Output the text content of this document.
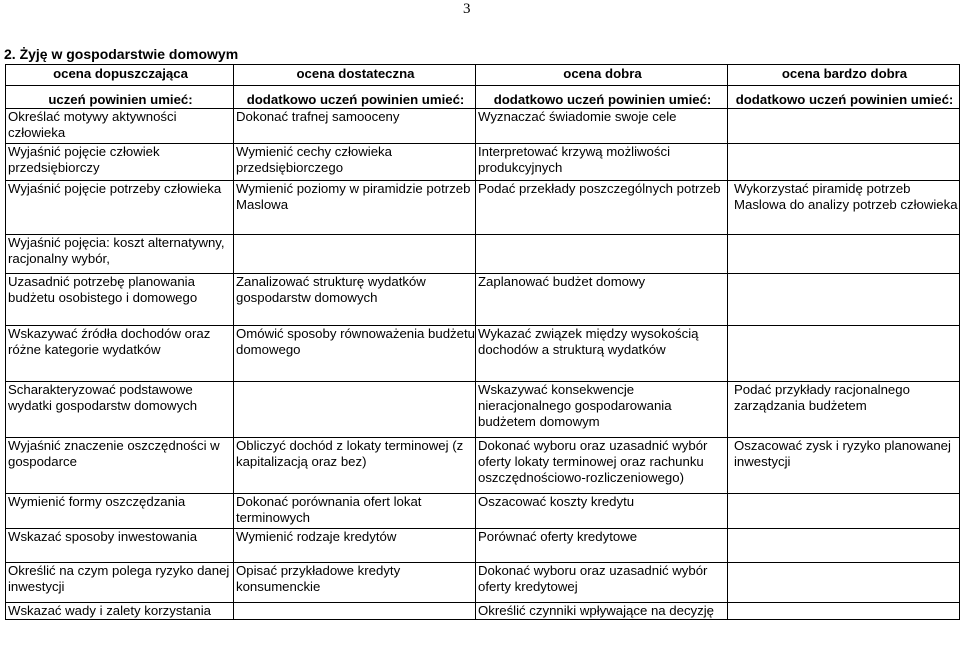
3
2. Żyję w gospodarstwie domowym
ocena dopuszczająca	ocena dostateczna	ocena dobra	ocena bardzo dobra
uczeń powinien umieć:	dodatkowo uczeń powinien umieć:	dodatkowo uczeń powinien umieć:	dodatkowo uczeń powinien umieć:
Określać motywy aktywności człowieka	Dokonać trafnej samooceny	Wyznaczać świadomie swoje cele	
Wyjaśnić pojęcie człowiek przedsiębiorczy	Wymienić cechy człowieka przedsiębiorczego	Interpretować krzywą możliwości produkcyjnych	
Wyjaśnić pojęcie potrzeby człowieka	Wymienić poziomy w piramidzie potrzeb Maslowa	Podać przekłady poszczególnych potrzeb	Wykorzystać piramidę potrzeb Maslowa do analizy potrzeb człowieka
Wyjaśnić pojęcia: koszt alternatywny, racjonalny wybór,			
Uzasadnić potrzebę planowania budżetu osobistego i domowego	Zanalizować strukturę wydatków gospodarstw domowych	Zaplanować budżet domowy	
Wskazywać źródła dochodów oraz różne kategorie wydatków	Omówić sposoby równoważenia budżetu domowego	Wykazać związek między wysokością dochodów a strukturą wydatków	
Scharakteryzować podstawowe wydatki gospodarstw domowych		Wskazywać konsekwencje nieracjonalnego gospodarowania budżetem domowym	Podać przykłady racjonalnego zarządzania budżetem
Wyjaśnić znaczenie oszczędności w gospodarce	Obliczyć dochód z lokaty terminowej (z kapitalizacją oraz bez)	Dokonać wyboru oraz uzasadnić wybór oferty lokaty terminowej oraz rachunku oszczędnościowo-rozliczeniowego)	Oszacować zysk i ryzyko planowanej inwestycji
Wymienić formy oszczędzania	Dokonać porównania ofert lokat terminowych	Oszacować koszty kredytu	
Wskazać sposoby inwestowania	Wymienić rodzaje kredytów	Porównać oferty kredytowe	
Określić na czym polega ryzyko danej inwestycji	Opisać przykładowe kredyty konsumenckie	Dokonać wyboru oraz uzasadnić wybór oferty kredytowej	
Wskazać wady i zalety korzystania		Określić czynniki wpływające na decyzję	
